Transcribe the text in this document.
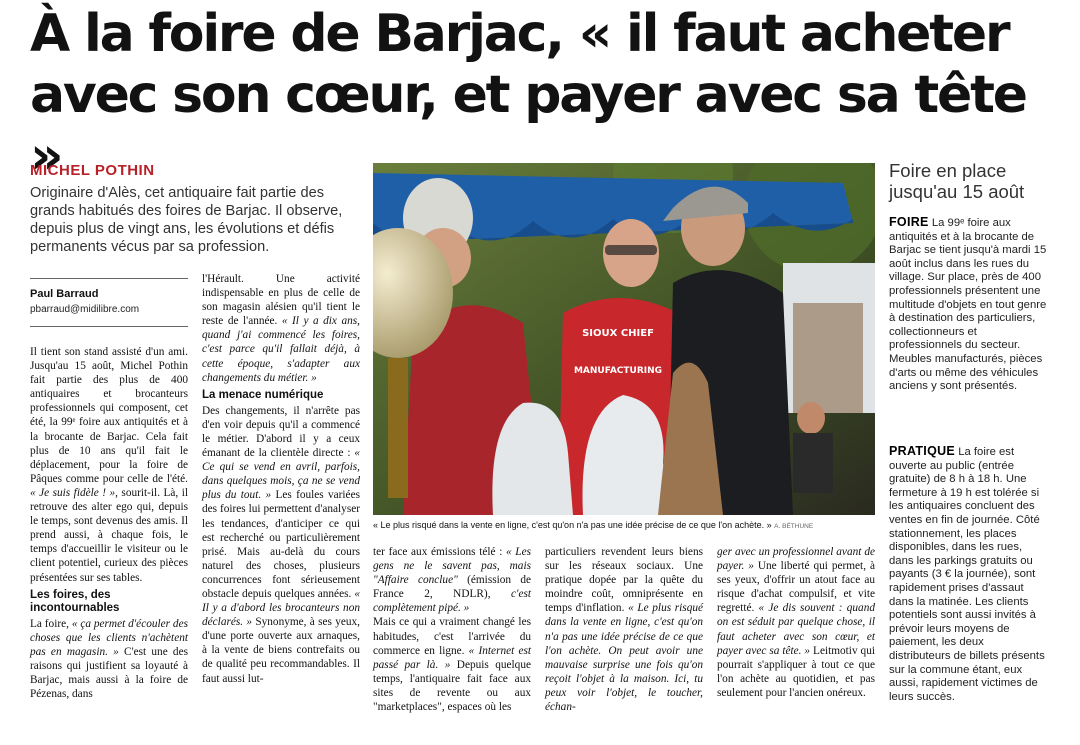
À la foire de Barjac, « il faut acheter
avec son cœur, et payer avec sa tête »
MICHEL POTHIN
Originaire d'Alès, cet antiquaire fait partie des grands habitués des foires de Barjac. Il observe, depuis plus de vingt ans, les évolutions et défis permanents vécus par sa profession.
Paul Barraud
pbarraud@midilibre.com

Il tient son stand assisté d'un ami. Jusqu'au 15 août, Michel Pothin fait partie des plus de 400 antiquaires et brocanteurs professionnels qui composent, cet été, la 99ᵉ foire aux antiquités et à la brocante de Barjac. Cela fait plus de 10 ans qu'il fait le déplacement, pour la foire de Pâques comme pour celle de l'été. « Je suis fidèle ! », sourit-il. Là, il retrouve des alter ego qui, depuis le temps, sont devenus des amis. Il prend aussi, à chaque fois, le temps d'accueillir le visiteur ou le client potentiel, curieux des pièces présentées sur ses tables.

Les foires, des incontournables

La foire, « ça permet d'écouler des choses que les clients n'achètent pas en magasin. » C'est une des raisons qui justifient sa loyauté à Barjac, mais aussi à la foire de Pézenas, dans

l'Hérault. Une activité indispensable en plus de celle de son magasin alésien qu'il tient le reste de l'année. « Il y a dix ans, quand j'ai commencé les foires, c'est parce qu'il fallait déjà, à cette époque, s'adapter aux changements du métier. »

La menace numérique

Des changements, il n'arrête pas d'en voir depuis qu'il a commencé le métier. D'abord il y a ceux émanant de la clientèle directe : « Ce qui se vend en avril, parfois, dans quelques mois, ça ne se vend plus du tout. » Les foules variées des foires lui permettent d'analyser les tendances, d'anticiper ce qui est recherché ou particulièrement prisé. Mais au-delà du cours naturel des choses, plusieurs concurrences font sérieusement obstacle depuis quelques années. « Il y a d'abord les brocanteurs non déclarés. » Synonyme, à ses yeux, d'une porte ouverte aux arnaques, à la vente de biens contrefaits ou de qualité peu recommandables. Il faut aussi lut-

ter face aux émissions télé : « Les gens ne le savent pas, mais "Affaire conclue" (émission de France 2, NDLR), c'est complètement pipé. »

Mais ce qui a vraiment changé les habitudes, c'est l'arrivée du commerce en ligne. « Internet est passé par là. » Depuis quelque temps, l'antiquaire fait face aux sites de revente ou aux "marketplaces", espaces où les

particuliers revendent leurs biens sur les réseaux sociaux. Une pratique dopée par la quête du moindre coût, omniprésente en temps d'inflation. « Le plus risqué dans la vente en ligne, c'est qu'on n'a pas une idée précise de ce que l'on achète. On peut avoir une mauvaise surprise une fois qu'on reçoit l'objet à la maison. Ici, tu peux voir l'objet, le toucher, échan-

ger avec un professionnel avant de payer. » Une liberté qui permet, à ses yeux, d'offrir un atout face au risque d'achat compulsif, et vite regretté. « Je dis souvent : quand on est séduit par quelque chose, il faut acheter avec son cœur, et payer avec sa tête. » Leitmotiv qui pourrait s'appliquer à tout ce que l'on achète au quotidien, et pas seulement pour l'ancien onéreux.

SIOUX CHIEF
MANUFACTURING
« Le plus risqué dans la vente en ligne, c'est qu'on n'a pas une idée précise de ce que l'on achète. » A. BÉTHUNE
Foire en place jusqu'au 15 août

FOIRE La 99ᵉ foire aux antiquités et à la brocante de Barjac se tient jusqu'à mardi 15 août inclus dans les rues du village. Sur place, près de 400 professionnels présentent une multitude d'objets en tout genre à destination des particuliers, collectionneurs et professionnels du secteur. Meubles manufacturés, pièces d'arts ou même des véhicules anciens y sont présentés.

PRATIQUE La foire est ouverte au public (entrée gratuite) de 8 h à 18 h. Une fermeture à 19 h est tolérée si les antiquaires concluent des ventes en fin de journée. Côté stationnement, les places disponibles, dans les rues, dans les parkings gratuits ou payants (3 € la journée), sont rapidement prises d'assaut dans la matinée. Les clients potentiels sont aussi invités à prévoir leurs moyens de paiement, les deux distributeurs de billets présents sur la commune étant, eux aussi, rapidement victimes de leurs succès.
